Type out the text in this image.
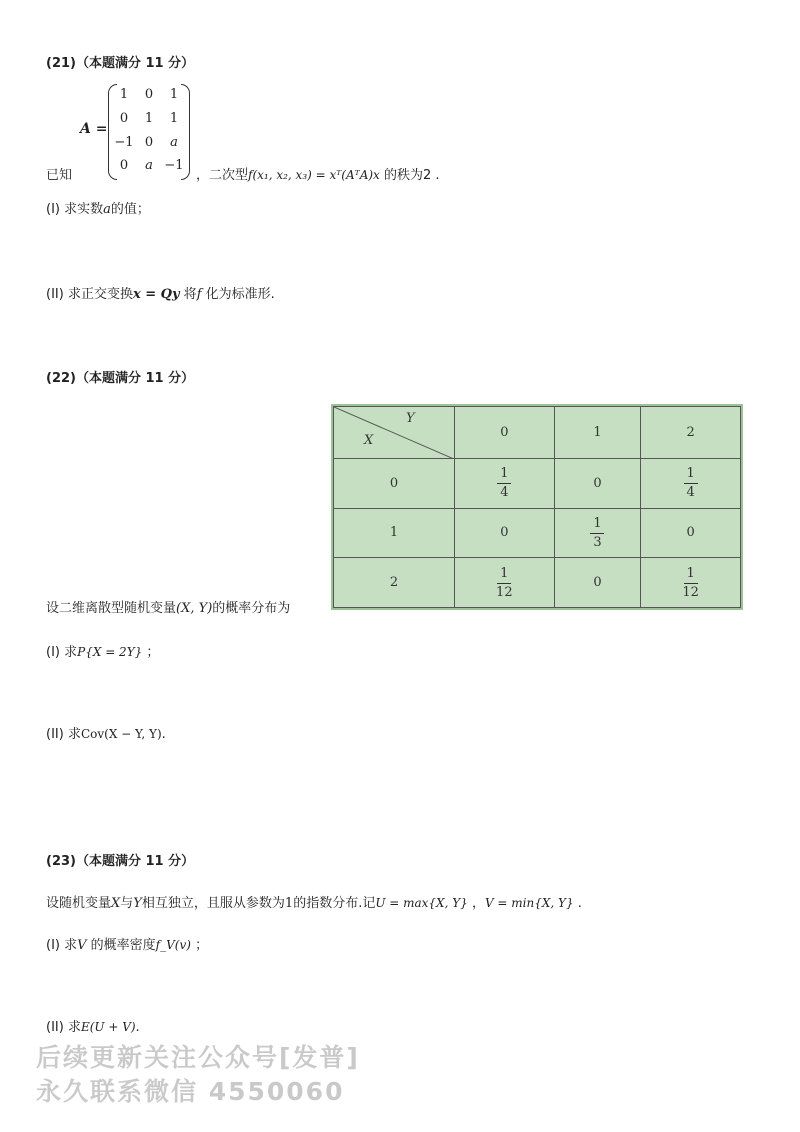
(21)（本题满分 11 分）
A =
1	0	1
0	1	1
−1 0	a
0	a −1
已知	，二次型f(x₁, x₂, x₃) = xᵀ(AᵀA)x 的秩为2 .
(I) 求实数a的值；
(II) 求正交变换x = Qy 将f 化为标准形.
(22)（本题满分 11 分）
Y
X	0	1	2
0	$\frac{1}{4}$	0	$\frac{1}{4}$

1	0	$\frac{1}{3}$	0
2	$\frac{1}{12}$	0	$\frac{1}{12}$
设二维离散型随机变量(X, Y)的概率分布为
(I) 求P{X = 2Y} ；
(II) 求Cov(X − Y, Y).
(23)（本题满分 11 分）
设随机变量X与Y相互独立，且服从参数为1的指数分布.记U = max{X, Y} ，V = min{X, Y} .
(I) 求V 的概率密度f_V(v) ；
(II) 求E(U + V).
后续更新关注公众号[发普]
永久联系微信 4550060
